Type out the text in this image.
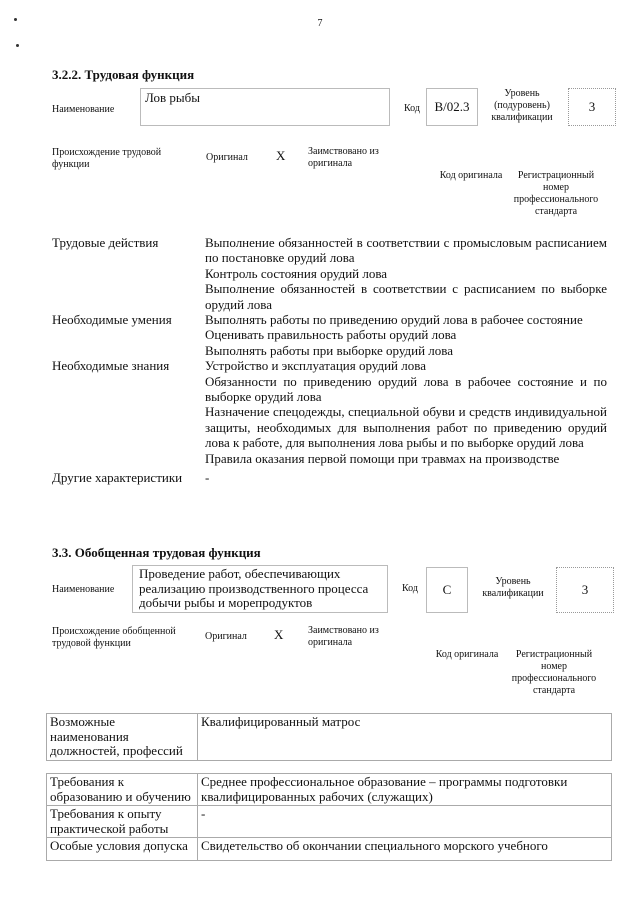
7
3.2.2. Трудовая функция
Наименование
Лов рыбы
Код	B/02.3
Уровень (подуровень) квалификации
3
Происхождение трудовой функции
Оригинал X Заимствовано из оригинала
Код оригинала	Регистрационный номер профессионального стандарта
Трудовые действия	Выполнение обязанностей в соответствии с промысловым расписанием по постановке орудий лова
Контроль состояния орудий лова
Выполнение обязанностей в соответствии с расписанием по выборке орудий лова
Необходимые умения	Выполнять работы по приведению орудий лова в рабочее состояние
Оценивать правильность работы орудий лова
Выполнять работы при выборке орудий лова
Необходимые знания	Устройство и эксплуатация орудий лова
Обязанности по приведению орудий лова в рабочее состояние и по выборке орудий лова
Назначение спецодежды, специальной обуви и средств индивидуальной защиты, необходимых для выполнения работ по приведению орудий лова к работе, для выполнения лова рыбы и по выборке орудий лова
Правила оказания первой помощи при травмах на производстве
Другие характеристики	-
3.3. Обобщенная трудовая функция
Наименование
Проведение работ, обеспечивающих реализацию производственного процесса добычи рыбы и морепродуктов
Код	C
Уровень квалификации	3
Происхождение обобщенной трудовой функции
Оригинал X Заимствовано из оригинала
Код оригинала	Регистрационный номер профессионального стандарта
Возможные наименования должностей, профессий	Квалифицированный матрос
Требования к образованию и обучению	Среднее профессиональное образование – программы подготовки квалифицированных рабочих (служащих)
Требования к опыту практической работы	-
Особые условия допуска	Свидетельство об окончании специального морского учебного
